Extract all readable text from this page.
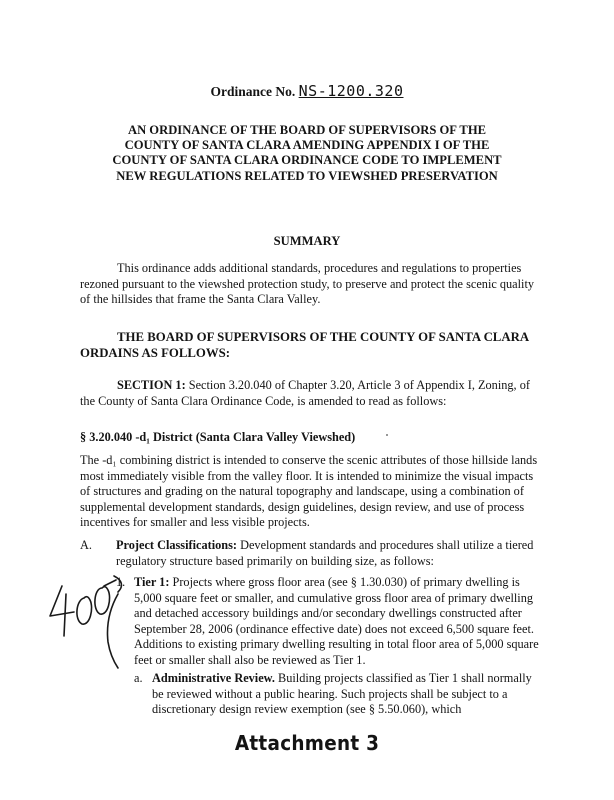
Ordinance No. NS-1200.320
AN ORDINANCE OF THE BOARD OF SUPERVISORS OF THE COUNTY OF SANTA CLARA AMENDING APPENDIX I OF THE COUNTY OF SANTA CLARA ORDINANCE CODE TO IMPLEMENT NEW REGULATIONS RELATED TO VIEWSHED PRESERVATION
SUMMARY
This ordinance adds additional standards, procedures and regulations to properties rezoned pursuant to the viewshed protection study, to preserve and protect the scenic quality of the hillsides that frame the Santa Clara Valley.
THE BOARD OF SUPERVISORS OF THE COUNTY OF SANTA CLARA ORDAINS AS FOLLOWS:
SECTION 1: Section 3.20.040 of Chapter 3.20, Article 3 of Appendix I, Zoning, of the County of Santa Clara Ordinance Code, is amended to read as follows:
§ 3.20.040 -d₁ District (Santa Clara Valley Viewshed)
The -d₁ combining district is intended to conserve the scenic attributes of those hillside lands most immediately visible from the valley floor. It is intended to minimize the visual impacts of structures and grading on the natural topography and landscape, using a combination of supplemental development standards, design guidelines, design review, and use of process incentives for smaller and less visible projects.
A. Project Classifications: Development standards and procedures shall utilize a tiered regulatory structure based primarily on building size, as follows:
1. Tier 1: Projects where gross floor area (see § 1.30.030) of primary dwelling is 5,000 square feet or smaller, and cumulative gross floor area of primary dwelling and detached accessory buildings and/or secondary dwellings constructed after September 28, 2006 (ordinance effective date) does not exceed 6,500 square feet. Additions to existing primary dwelling resulting in total floor area of 5,000 square feet or smaller shall also be reviewed as Tier 1.
a. Administrative Review. Building projects classified as Tier 1 shall normally be reviewed without a public hearing. Such projects shall be subject to a discretionary design review exemption (see § 5.50.060), which
Attachment 3
